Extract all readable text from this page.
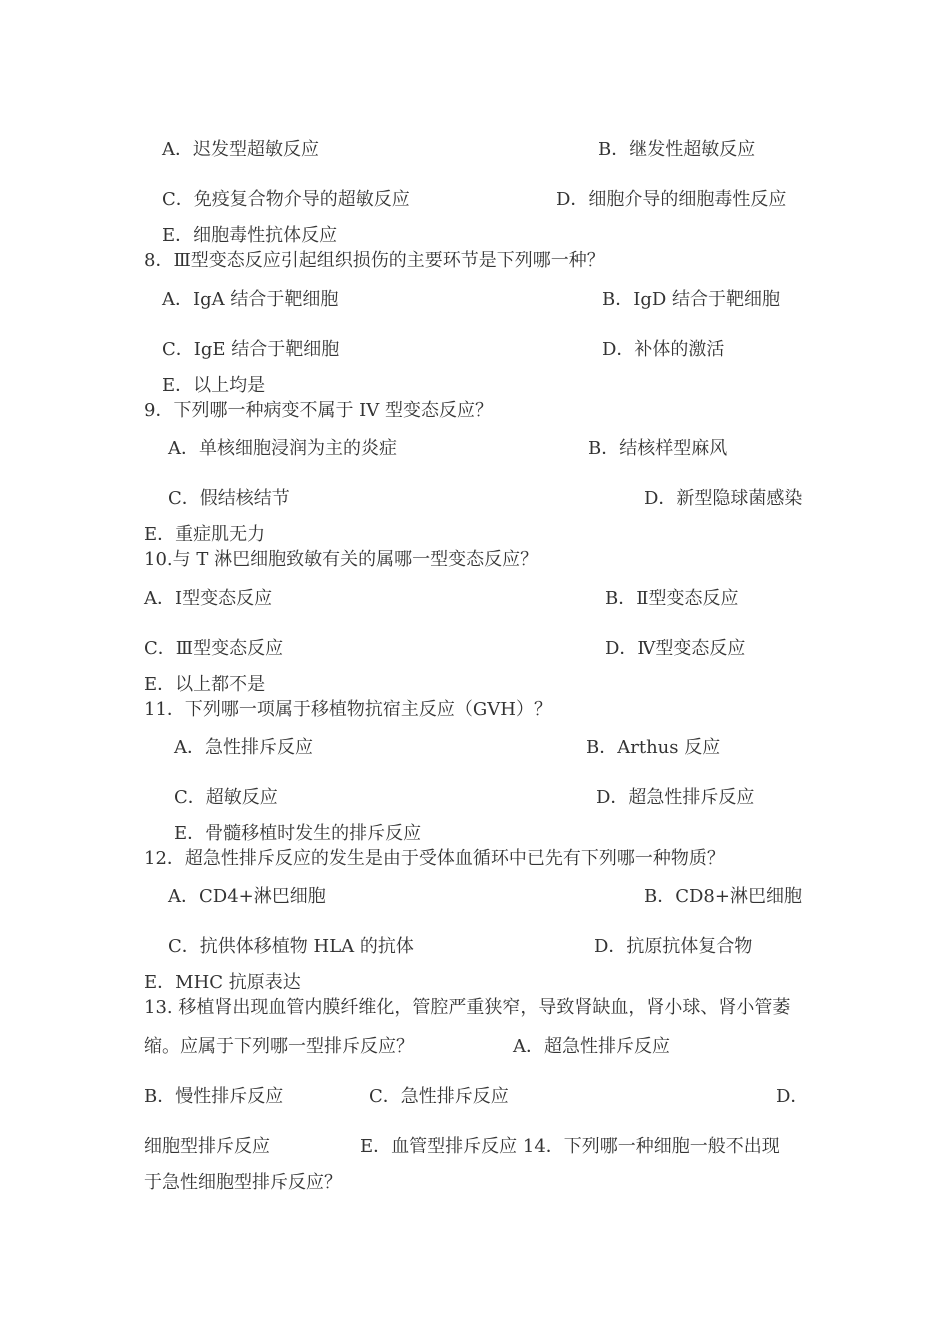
A．迟发型超敏反应	B．继发性超敏反应
C．免疫复合物介导的超敏反应	D．细胞介导的细胞毒性反应
E．细胞毒性抗体反应
8．Ⅲ型变态反应引起组织损伤的主要环节是下列哪一种？
A．IgA 结合于靶细胞	B．IgD 结合于靶细胞
C．IgE 结合于靶细胞	D．补体的激活
E．以上均是
9．下列哪一种病变不属于 IV 型变态反应？
A．单核细胞浸润为主的炎症	B．结核样型麻风
C．假结核结节	D．新型隐球菌感染
E．重症肌无力
10.与 T 淋巴细胞致敏有关的属哪一型变态反应？
A．Ⅰ型变态反应	B．Ⅱ型变态反应
C．Ⅲ型变态反应	D．Ⅳ型变态反应
E．以上都不是
11．下列哪一项属于移植物抗宿主反应（GVH）？
A．急性排斥反应	B．Arthus 反应
C．超敏反应	D．超急性排斥反应
E．骨髓移植时发生的排斥反应
12．超急性排斥反应的发生是由于受体血循环中已先有下列哪一种物质？
A．CD4+淋巴细胞	B．CD8+淋巴细胞
C．抗供体移植物 HLA 的抗体	D．抗原抗体复合物
E．MHC 抗原表达
13. 移植肾出现血管内膜纤维化，管腔严重狭窄，导致肾缺血，肾小球、肾小管萎
缩。应属于下列哪一型排斥反应？	A．超急性排斥反应
B．慢性排斥反应	C．急性排斥反应	D．
细胞型排斥反应	E．血管型排斥反应 14．下列哪一种细胞一般不出现
于急性细胞型排斥反应？
